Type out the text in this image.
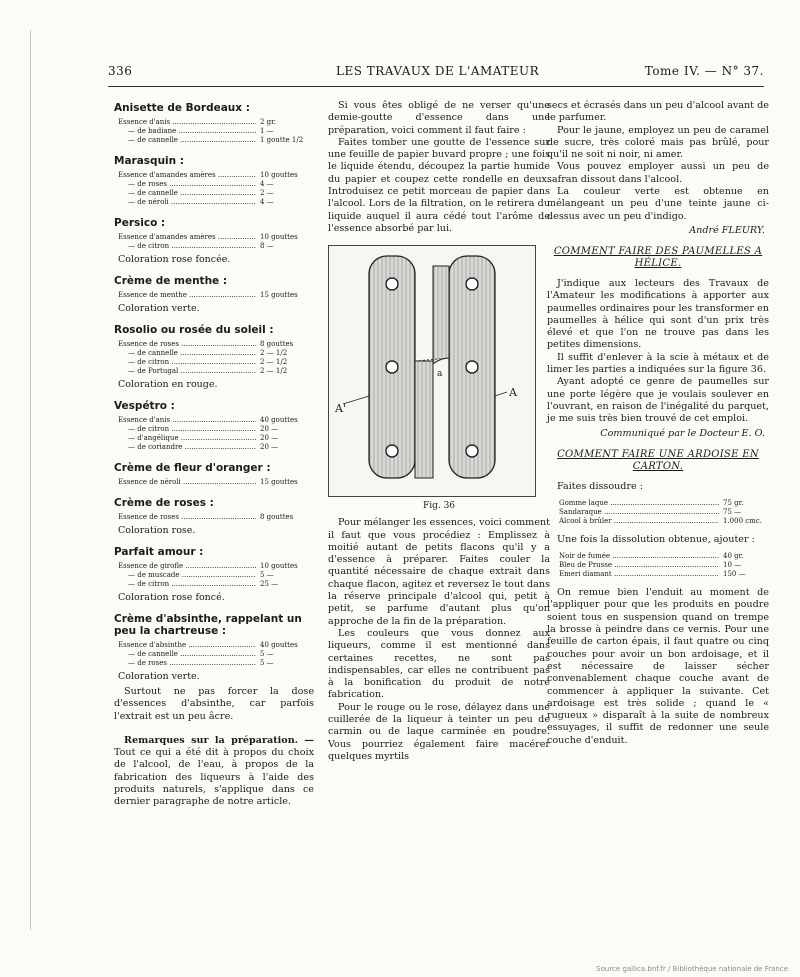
336	LES TRAVAUX DE L'AMATEUR	Tome IV. — N° 37.
Anisette de Bordeaux :
Essence d'anis .....	2 gr.
— de badiane .....	1 —
— de cannelle .....	1 goutte 1/2
Marasquin :
Essence d'amandes amères .....	10 gouttes
— de roses .....	4 —
— de cannelle .....	2 —
— de néroli .....	4 —
Persico :
Essence d'amandes amères .....	10 gouttes
— de citron .....	8 —
Coloration rose foncée.
Crème de menthe :
Essence de menthe .....	15 gouttes
Coloration verte.
Rosolio ou rosée du soleil :
Essence de roses .....	8 gouttes
— de cannelle .....	2 — 1/2
— de citron .....	2 — 1/2
— de Portugal .....	2 — 1/2
Coloration en rouge.
Vespétro :
Essence d'anis .....	40 gouttes
— de citron .....	20 —
— d'angélique .....	20 —
— de coriandre .....	20 —
Crème de fleur d'oranger :
Essence de néroli .....	15 gouttes
Crème de roses :
Essence de roses .....	8 gouttes
Coloration rose.
Parfait amour :
Essence de girofle .....	10 gouttes
— de muscade .....	5 —
— de citron .....	25 —
Coloration rose foncé.
Crème d'absinthe, rappelant un peu la chartreuse :
Essence d'absinthe .....	40 gouttes
— de cannelle .....	5 —
— de roses .....	5 —
Coloration verte.

Surtout ne pas forcer la dose d'essences d'absinthe, car parfois l'extrait est un peu âcre.

Remarques sur la préparation. — Tout ce qui a été dit à propos du choix de l'alcool, de l'eau, à propos de la fabrication des liqueurs à l'aide des produits naturels, s'applique dans ce dernier paragraphe de notre article.

Si vous êtes obligé de ne verser qu'une demie-goutte d'essence dans une préparation, voici comment il faut faire :

Faites tomber une goutte de l'essence sur une feuille de papier buvard propre ; une fois le liquide étendu, découpez la partie humide du papier et coupez cette rondelle en deux. Introduisez ce petit morceau de papier dans l'alcool. Lors de la filtration, on le retirera du liquide auquel il aura cédé tout l'arôme de l'essence absorbé par lui.

A'
A
a
Fig. 36

Pour mélanger les essences, voici comment il faut que vous procédiez : Emplissez à moitié autant de petits flacons qu'il y a d'essence à préparer. Faites couler la quantité nécessaire de chaque extrait dans chaque flacon, agitez et reversez le tout dans la réserve principale d'alcool qui, petit à petit, se parfume d'autant plus qu'on approche de la fin de la préparation.

Les couleurs que vous donnez aux liqueurs, comme il est mentionné dans certaines recettes, ne sont pas indispensables, car elles ne contribuent pas à la bonification du produit de notre fabrication.

Pour le rouge ou le rose, délayez dans une cuillerée de la liqueur à teinter un peu de carmin ou de laque carminée en poudre. Vous pourriez également faire macérer quelques myrtils

secs et écrasés dans un peu d'alcool avant de le parfumer.

Pour le jaune, employez un peu de caramel de sucre, très coloré mais pas brûlé, pour qu'il ne soit ni noir, ni amer.

Vous pouvez employer aussi un peu de safran dissout dans l'alcool.

La couleur verte est obtenue en mélangeant un peu d'une teinte jaune ci-dessus avec un peu d'indigo.

André FLEURY.
COMMENT FAIRE DES PAUMELLES A HÉLICE.

J'indique aux lecteurs des Travaux de l'Amateur les modifications à apporter aux paumelles ordinaires pour les transformer en paumelles à hélice qui sont d'un prix très élevé et que l'on ne trouve pas dans les petites dimensions.

Il suffit d'enlever à la scie à métaux et de limer les parties a indiquées sur la figure 36.

Ayant adopté ce genre de paumelles sur une porte légère que je voulais soulever en l'ouvrant, en raison de l'inégalité du parquet, je me suis très bien trouvé de cet emploi.

Communiqué par le Docteur E. O.
COMMENT FAIRE UNE ARDOISE EN CARTON.

Faites dissoudre :

Gomme laque .....	75 gr.
Sandaraque .....	75 —
Alcool à brûler .....	1.000 cmc.

Une fois la dissolution obtenue, ajouter :

Noir de fumée .....	40 gr.
Bleu de Prusse .....	10 —
Emeri diamant .....	150 —

On remue bien l'enduit au moment de l'appliquer pour que les produits en poudre soient tous en suspension quand on trempe la brosse à peindre dans ce vernis. Pour une feuille de carton épais, il faut quatre ou cinq couches pour avoir un bon ardoisage, et il est nécessaire de laisser sécher convenablement chaque couche avant de commencer à appliquer la suivante. Cet ardoisage est très solide ; quand le « rugueux » disparaît à la suite de nombreux essuyages, il suffit de redonner une seule couche d'enduit.

Source gallica.bnf.fr / Bibliothèque nationale de France
